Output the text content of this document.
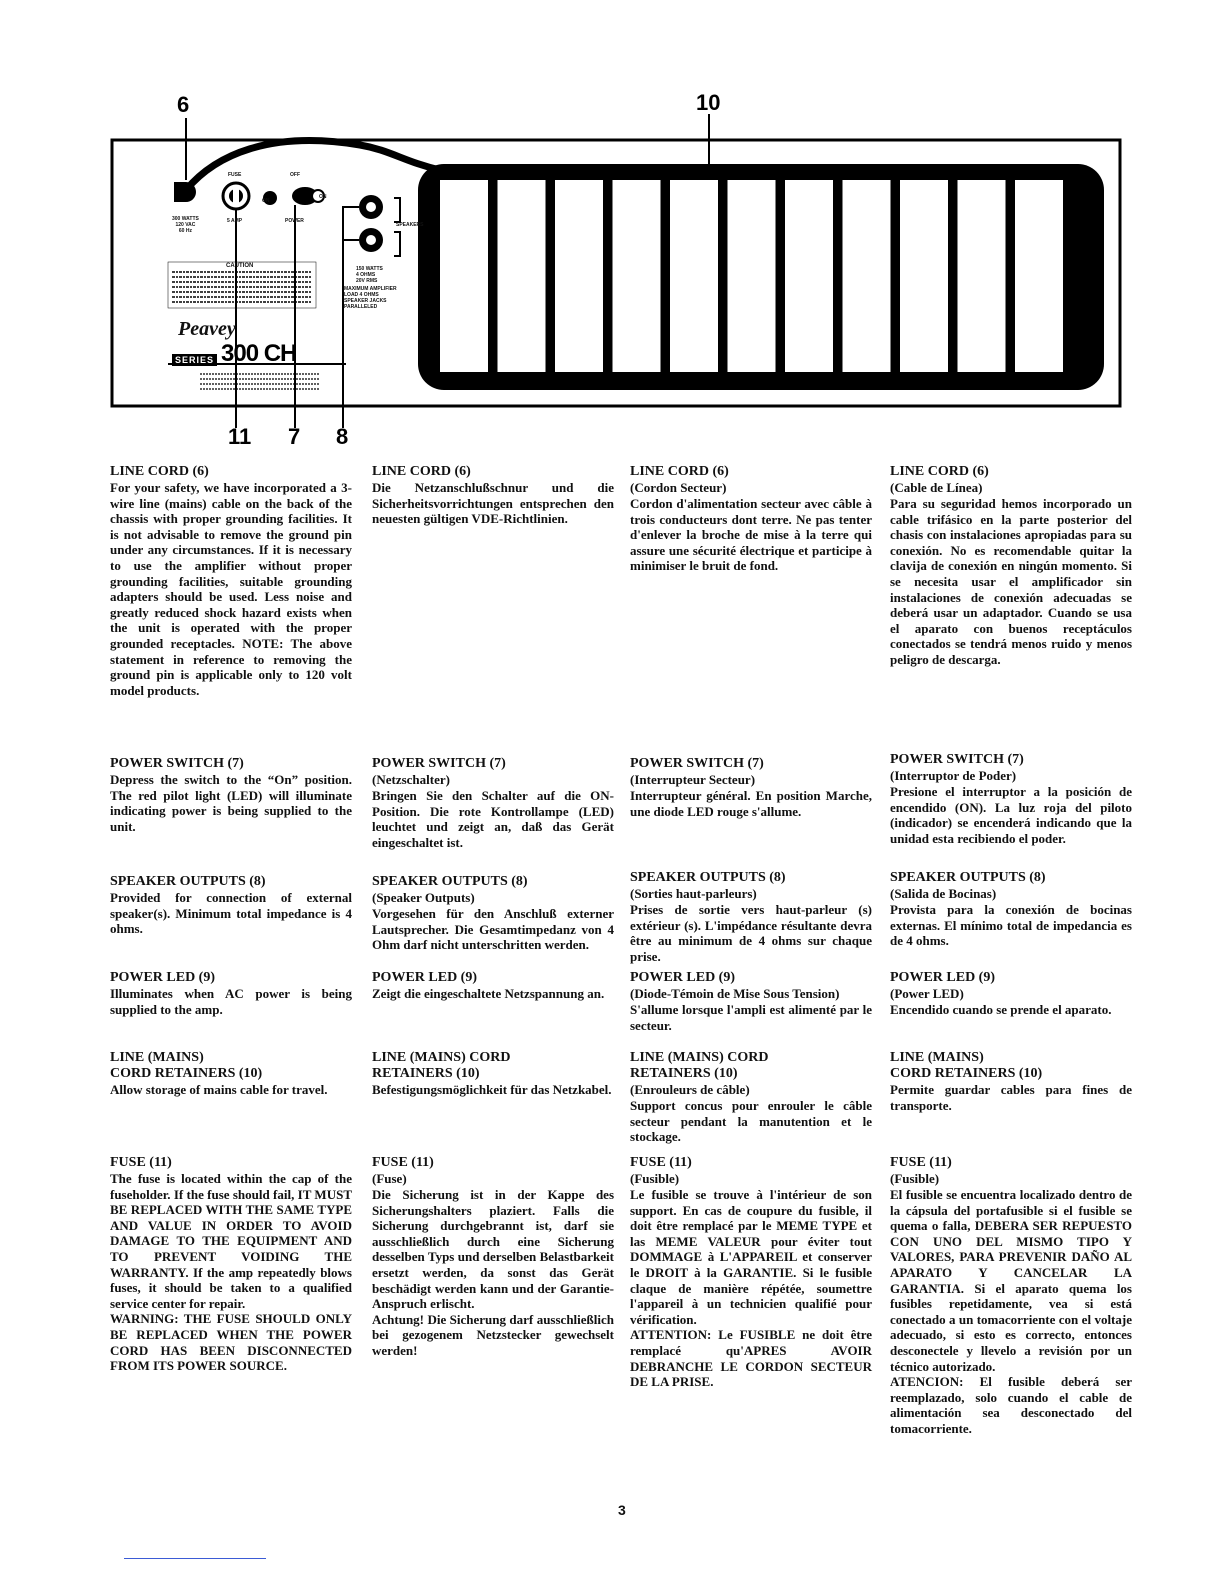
6	10
11 7 8
FUSE	OFF
ON
ON
300 WATTS
120 VAC
60 Hz
5 AMP	POWER
SPEAKERS
150 WATTS
4 OHMS
20V RMS
MAXIMUM AMPLIFIER
LOAD 4 OHMS
SPEAKER JACKS
PARALLELED
CAUTION
Peavey
SERIES 300 CH
LINE CORD (6)
For your safety, we have incorporated a 3-wire line (mains) cable on the back of the chassis with proper grounding facilities. It is not advisable to remove the ground pin under any circumstances. If it is necessary to use the amplifier without proper grounding facilities, suitable grounding adapters should be used. Less noise and greatly reduced shock hazard exists when the unit is operated with the proper grounded receptacles. NOTE: The above statement in reference to removing the ground pin is applicable only to 120 volt model products.
POWER SWITCH (7)
Depress the switch to the “On” position. The red pilot light (LED) will illuminate indicating power is being supplied to the unit.
SPEAKER OUTPUTS (8)
Provided for connection of external speaker(s). Minimum total impedance is 4 ohms.
POWER LED (9)
Illuminates when AC power is being supplied to the amp.
LINE (MAINS)
CORD RETAINERS (10)
Allow storage of mains cable for travel.
FUSE (11)
The fuse is located within the cap of the fuseholder. If the fuse should fail, IT MUST BE REPLACED WITH THE SAME TYPE AND VALUE IN ORDER TO AVOID DAMAGE TO THE EQUIPMENT AND TO PREVENT VOIDING THE WARRANTY. If the amp repeatedly blows fuses, it should be taken to a qualified service center for repair.
WARNING: THE FUSE SHOULD ONLY BE REPLACED WHEN THE POWER CORD HAS BEEN DISCONNECTED FROM ITS POWER SOURCE.
LINE CORD (6)
Die Netzanschlußschnur und die Sicherheitsvorrichtungen entsprechen den neuesten gültigen VDE-Richtlinien.
POWER SWITCH (7)
(Netzschalter)
Bringen Sie den Schalter auf die ON-Position. Die rote Kontrollampe (LED) leuchtet und zeigt an, daß das Gerät eingeschaltet ist.
SPEAKER OUTPUTS (8)
(Speaker Outputs)
Vorgesehen für den Anschluß externer Lautsprecher. Die Gesamtimpedanz von 4 Ohm darf nicht unterschritten werden.
POWER LED (9)
Zeigt die eingeschaltete Netzspannung an.
LINE (MAINS) CORD
RETAINERS (10)
Befestigungsmöglichkeit für das Netzkabel.
FUSE (11)
(Fuse)
Die Sicherung ist in der Kappe des Sicherungshalters plaziert. Falls die Sicherung durchgebrannt ist, darf sie ausschließlich durch eine Sicherung desselben Typs und derselben Belastbarkeit ersetzt werden, da sonst das Gerät beschädigt werden kann und der Garantie-Anspruch erlischt.
Achtung! Die Sicherung darf ausschließlich bei gezogenem Netzstecker gewechselt werden!
LINE CORD (6)
(Cordon Secteur)
Cordon d'alimentation secteur avec câble à trois conducteurs dont terre. Ne pas tenter d'enlever la broche de mise à la terre qui assure une sécurité électrique et participe à minimiser le bruit de fond.
POWER SWITCH (7)
(Interrupteur Secteur)
Interrupteur général. En position Marche, une diode LED rouge s'allume.
SPEAKER OUTPUTS (8)
(Sorties haut-parleurs)
Prises de sortie vers haut-parleur (s) extérieur (s). L'impédance résultante devra être au minimum de 4 ohms sur chaque prise.
POWER LED (9)
(Diode-Témoin de Mise Sous Tension)
S'allume lorsque l'ampli est alimenté par le secteur.
LINE (MAINS) CORD
RETAINERS (10)
(Enrouleurs de câble)
Support concus pour enrouler le câble secteur pendant la manutention et le stockage.
FUSE (11)
(Fusible)
Le fusible se trouve à l'intérieur de son support. En cas de coupure du fusible, il doit être remplacé par le MEME TYPE et las MEME VALEUR pour éviter tout DOMMAGE à L'APPAREIL et conserver le DROIT à la GARANTIE. Si le fusible claque de manière répétée, soumettre l'appareil à un technicien qualifié pour vérification.
ATTENTION: Le FUSIBLE ne doit être remplacé qu'APRES AVOIR DEBRANCHE LE CORDON SECTEUR DE LA PRISE.
LINE CORD (6)
(Cable de Línea)
Para su seguridad hemos incorporado un cable trifásico en la parte posterior del chasis con instalaciones apropiadas para su conexión. No es recomendable quitar la clavija de conexión en ningún momento. Si se necesita usar el amplificador sin instalaciones de conexión adecuadas se deberá usar un adaptador. Cuando se usa el aparato con buenos receptáculos conectados se tendrá menos ruido y menos peligro de descarga.
POWER SWITCH (7)
(Interruptor de Poder)
Presione el interruptor a la posición de encendido (ON). La luz roja del piloto (indicador) se encenderá indicando que la unidad esta recibiendo el poder.
SPEAKER OUTPUTS (8)
(Salida de Bocinas)
Provista para la conexión de bocinas externas. El mínimo total de impedancia es de 4 ohms.
POWER LED (9)
(Power LED)
Encendido cuando se prende el aparato.
LINE (MAINS)
CORD RETAINERS (10)
Permite guardar cables para fines de transporte.
FUSE (11)
(Fusible)
El fusible se encuentra localizado dentro de la cápsula del portafusible si el fusible se quema o falla, DEBERA SER REPUESTO CON UNO DEL MISMO TIPO Y VALORES, PARA PREVENIR DAÑO AL APARATO Y CANCELAR LA GARANTIA. Si el aparato quema los fusibles repetidamente, vea si está conectado a un tomacorriente con el voltaje adecuado, si esto es correcto, entonces desconectele y llevelo a revisión por un técnico autorizado.
ATENCION: El fusible deberá ser reemplazado, solo cuando el cable de alimentación sea desconectado del tomacorriente.
3
